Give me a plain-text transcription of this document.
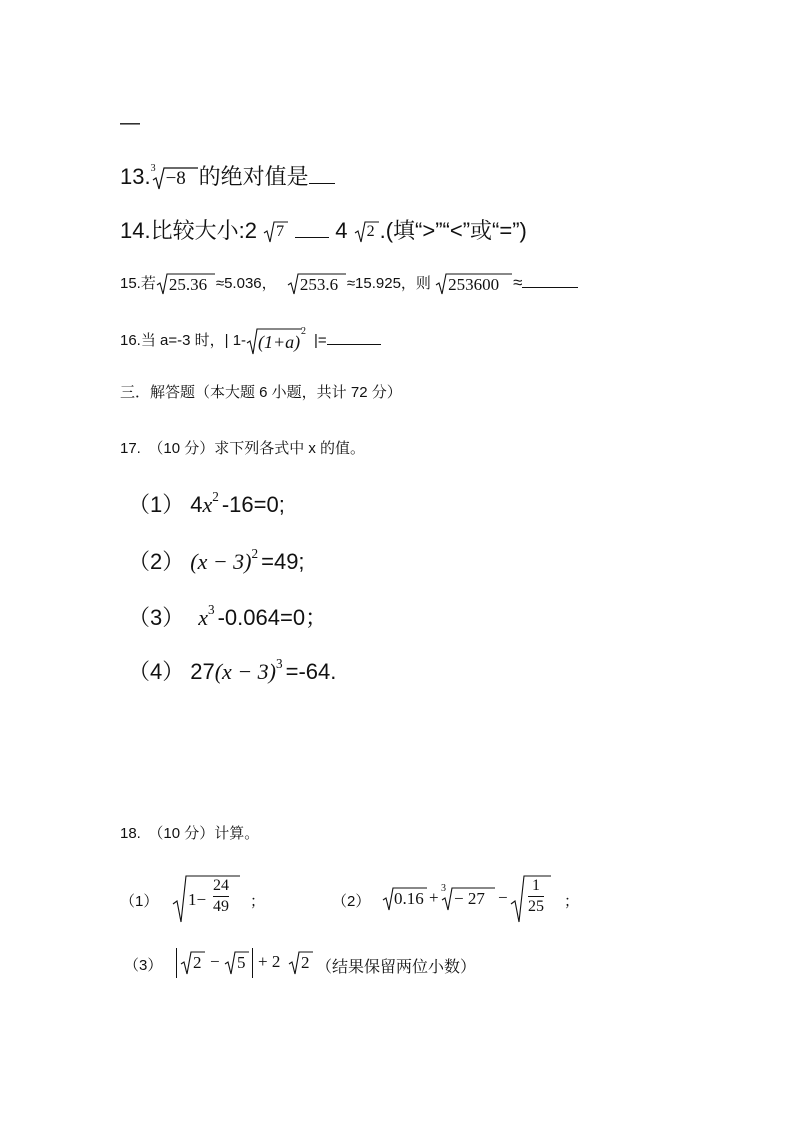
—
13. 3 −8 的绝对值是
14.比较大小:2 7 4 2 .(填“>”“<”或“=”)
15.若 25.36 ≈5.036， 253.6 ≈15.925，则 253600 ≈
16.当 a=-3 时，| 1- (1+a)
2
|=
三．解答题（本大题 6 小题，共计 72 分）
17.　（10 分）求下列各式中 x 的值。
（1） $4x^2$ -16=0;
（2） $(x - 3)^2 =49$;
（3） $x^3$ -0.064=0；
（4） $27(x - 3)^3 =-64$.
18.　（10 分）计算。
（1） 1−
24
49 ；	（2） 0.16 + 3
− 27 −
1
25 ；
（3） 2 − 5 + 2 2 （结果保留两位小数）
